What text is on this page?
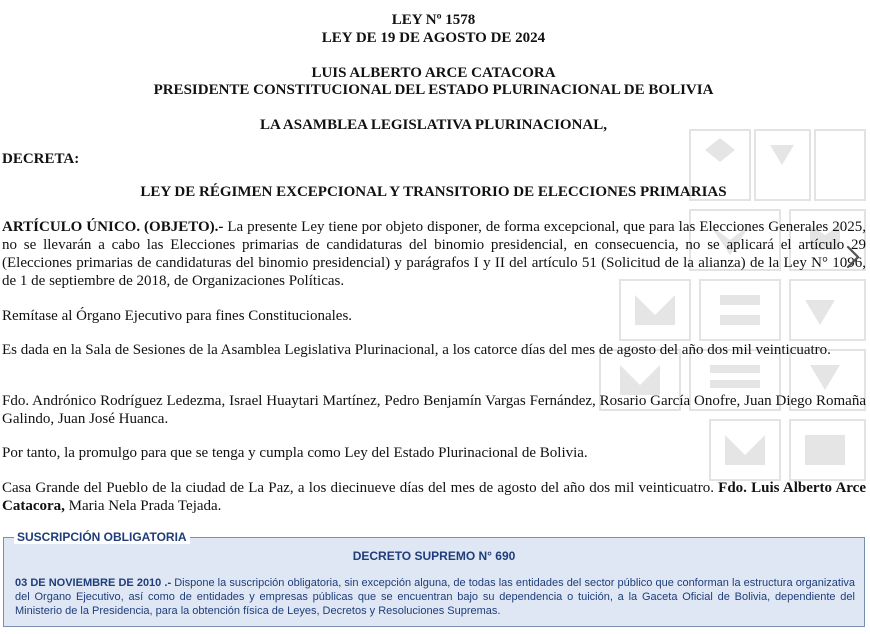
LEY Nº 1578
LEY DE 19 DE AGOSTO DE 2024
LUIS ALBERTO ARCE CATACORA
PRESIDENTE CONSTITUCIONAL DEL ESTADO PLURINACIONAL DE BOLIVIA
LA ASAMBLEA LEGISLATIVA PLURINACIONAL,
DECRETA:
LEY DE RÉGIMEN EXCEPCIONAL Y TRANSITORIO DE ELECCIONES PRIMARIAS
ARTÍCULO ÚNICO. (OBJETO).- La presente Ley tiene por objeto disponer, de forma excepcional, que para las Elecciones Generales 2025, no se llevarán a cabo las Elecciones primarias de candidaturas del binomio presidencial, en consecuencia, no se aplicará el artículo 29 (Elecciones primarias de candidaturas del binomio presidencial) y parágrafos I y II del artículo 51 (Solicitud de la alianza) de la Ley N° 1096, de 1 de septiembre de 2018, de Organizaciones Políticas.
Remítase al Órgano Ejecutivo para fines Constitucionales.
Es dada en la Sala de Sesiones de la Asamblea Legislativa Plurinacional, a los catorce días del mes de agosto del año dos mil veinticuatro.
Fdo. Andrónico Rodríguez Ledezma, Israel Huaytari Martínez, Pedro Benjamín Vargas Fernández, Rosario García Onofre, Juan Diego Romaña Galindo, Juan José Huanca.
Por tanto, la promulgo para que se tenga y cumpla como Ley del Estado Plurinacional de Bolivia.
Casa Grande del Pueblo de la ciudad de La Paz, a los diecinueve días del mes de agosto del año dos mil veinticuatro. Fdo. Luis Alberto Arce Catacora, Maria Nela Prada Tejada.
SUSCRIPCIÓN OBLIGATORIA
DECRETO SUPREMO N° 690
03 DE NOVIEMBRE DE 2010 .- Dispone la suscripción obligatoria, sin excepción alguna, de todas las entidades del sector público que conforman la estructura organizativa del Organo Ejecutivo, así como de entidades y empresas públicas que se encuentran bajo su dependencia o tuición, a la Gaceta Oficial de Bolivia, dependiente del Ministerio de la Presidencia, para la obtención física de Leyes, Decretos y Resoluciones Supremas.
